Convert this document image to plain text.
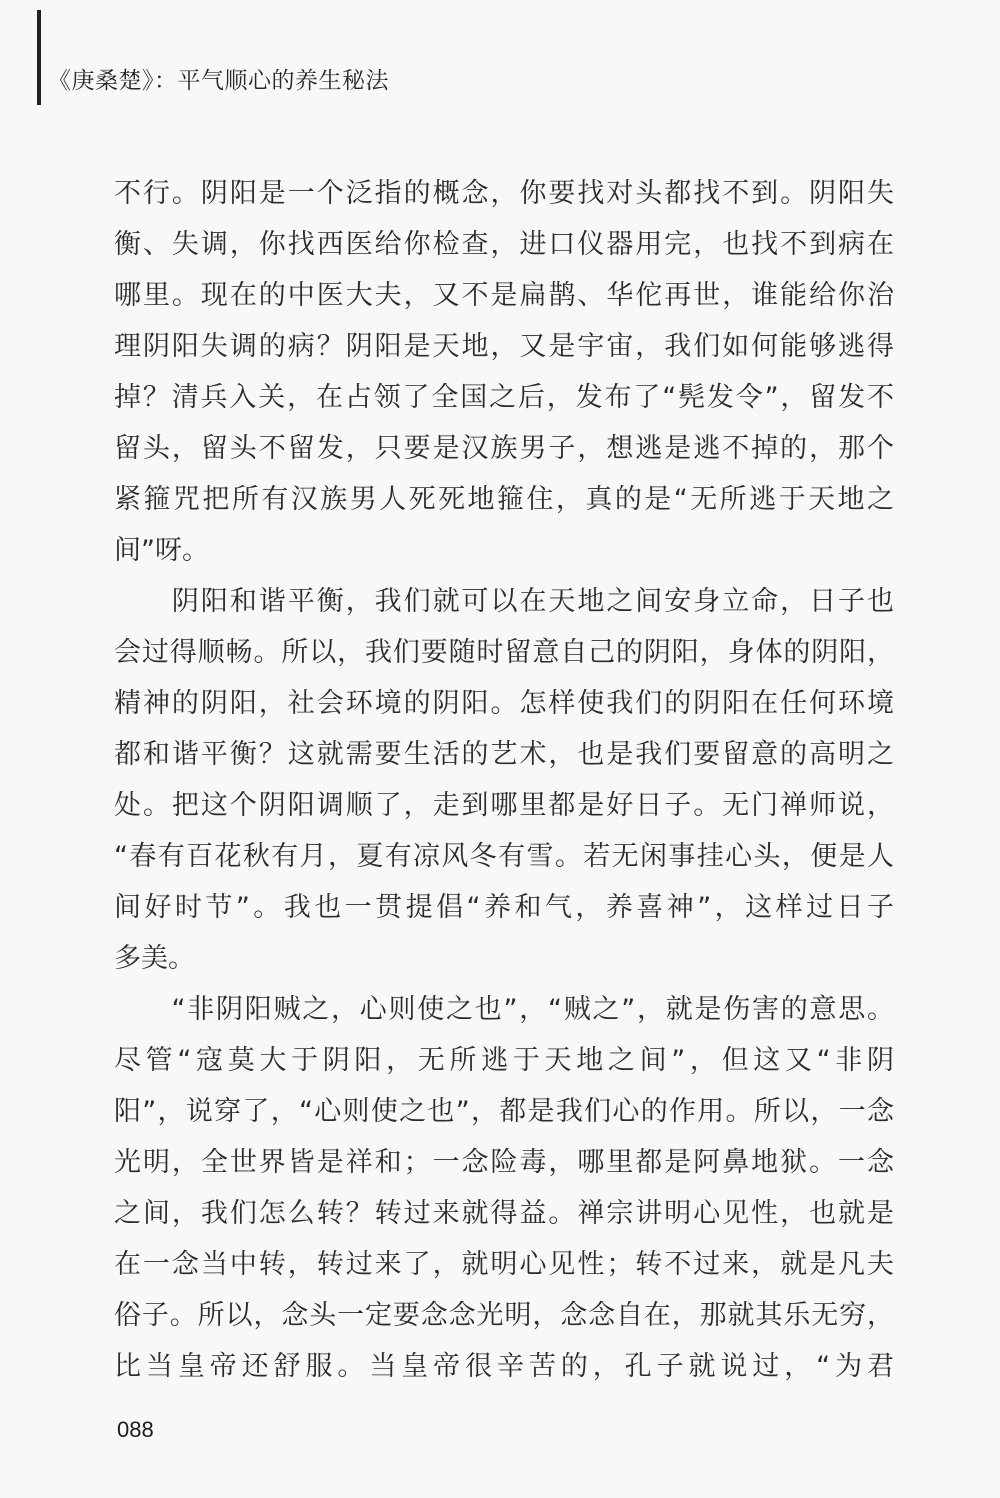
《庚桑楚》：平气顺心的养生秘法
不行。阴阳是一个泛指的概念，你要找对头都找不到。阴阳失
衡、失调，你找西医给你检查，进口仪器用完，也找不到病在
哪里。现在的中医大夫，又不是扁鹊、华佗再世，谁能给你治
理阴阳失调的病？阴阳是天地，又是宇宙，我们如何能够逃得
掉？清兵入关，在占领了全国之后，发布了“髡发令”，留发不
留头，留头不留发，只要是汉族男子，想逃是逃不掉的，那个
紧箍咒把所有汉族男人死死地箍住，真的是“无所逃于天地之
间”呀。
　　阴阳和谐平衡，我们就可以在天地之间安身立命，日子也
会过得顺畅。所以，我们要随时留意自己的阴阳，身体的阴阳，
精神的阴阳，社会环境的阴阳。怎样使我们的阴阳在任何环境
都和谐平衡？这就需要生活的艺术，也是我们要留意的高明之
处。把这个阴阳调顺了，走到哪里都是好日子。无门禅师说，
“春有百花秋有月，夏有凉风冬有雪。若无闲事挂心头，便是人
间好时节”。我也一贯提倡“养和气，养喜神”，这样过日子
多美。
　　“非阴阳贼之，心则使之也”，“贼之”，就是伤害的意思。
尽管“寇莫大于阴阳，无所逃于天地之间”，但这又“非阴
阳”，说穿了，“心则使之也”，都是我们心的作用。所以，一念
光明，全世界皆是祥和；一念险毒，哪里都是阿鼻地狱。一念
之间，我们怎么转？转过来就得益。禅宗讲明心见性，也就是
在一念当中转，转过来了，就明心见性；转不过来，就是凡夫
俗子。所以，念头一定要念念光明，念念自在，那就其乐无穷，
比当皇帝还舒服。当皇帝很辛苦的，孔子就说过，“为君
088
